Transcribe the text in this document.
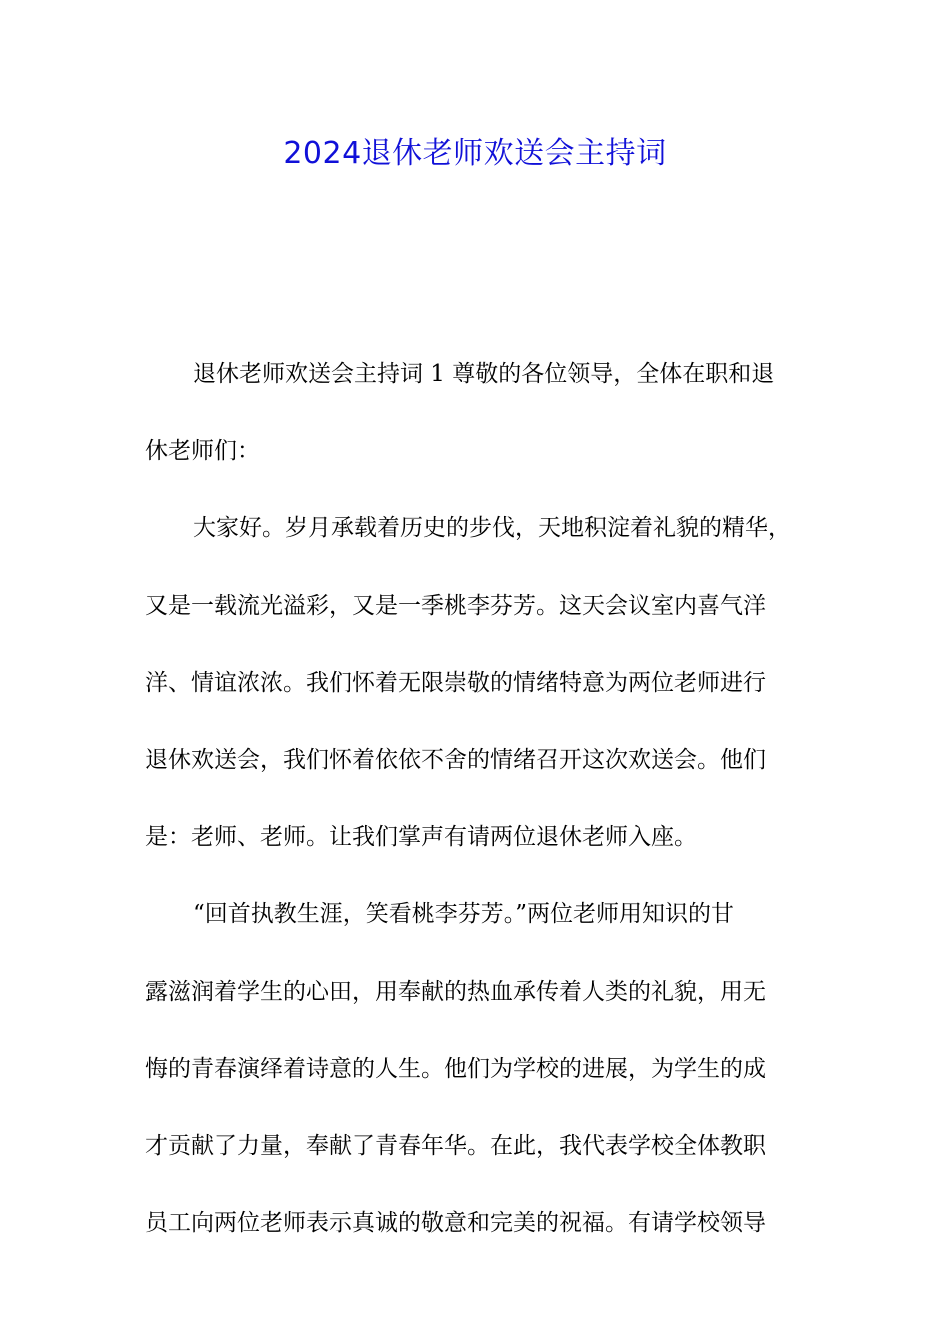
2024退休老师欢送会主持词

退休老师欢送会主持词 1 尊敬的各位领导，全体在职和退
休老师们：

大家好。岁月承载着历史的步伐，天地积淀着礼貌的精华，
又是一载流光溢彩，又是一季桃李芬芳。这天会议室内喜气洋
洋、情谊浓浓。我们怀着无限崇敬的情绪特意为两位老师进行
退休欢送会，我们怀着依依不舍的情绪召开这次欢送会。他们
是：老师、老师。让我们掌声有请两位退休老师入座。

“回首执教生涯，笑看桃李芬芳。”两位老师用知识的甘
露滋润着学生的心田，用奉献的热血承传着人类的礼貌，用无
悔的青春演绎着诗意的人生。他们为学校的进展，为学生的成
才贡献了力量，奉献了青春年华。在此，我代表学校全体教职
员工向两位老师表示真诚的敬意和完美的祝福。有请学校领导
